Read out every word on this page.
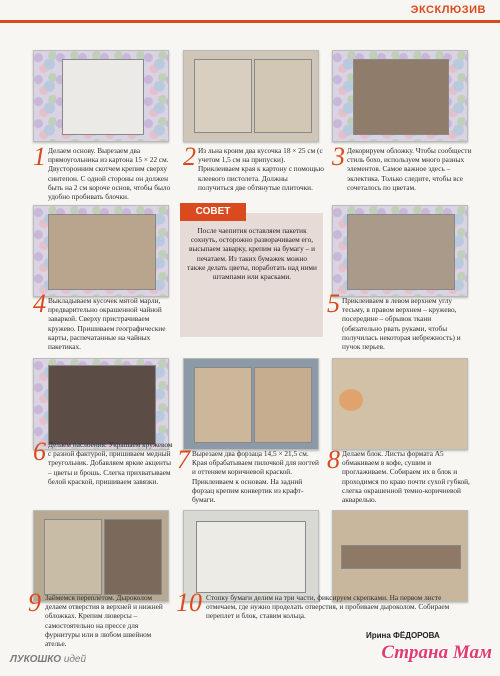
ЭКСКЛЮЗИВ
1 Делаем основу. Вырезаем два прямоугольника из картона 15 × 22 см. Двусторонним скотчем крепим сверху синтепон. С одной стороны он должен быть на 2 см короче основ, чтобы было удобно пробивать блочки.

2 Из льна кроим два кусочка 18 × 25 см (с учетом 1,5 см на припуски). Приклеиваем края к картону с помощью клеевого пистолета. Должны получиться две обтянутые плиточки.

3 Декорируем обложку. Чтобы сообщести стиль бохо, используем много разных элементов. Самое важное здесь – эклектика. Только следите, чтобы все сочеталось по цветам.

СОВЕТ

После чаепития оставляем пакетик сохнуть, осторожно разворачиваем его, высыпаем заварку, крепим на бумагу – и печатаем. Из таких бумажек можно также делать цветы, поработать над ними штампами или красками.

4 Выкладываем кусочек мятой марли, предварительно окрашенной чайной заваркой. Сверху пристрачиваем кружево. Пришиваем географические карты, распечатанные на чайных пакетиках.

5 Приклеиваем в левом верхнем углу тесьму, в правом верхнем – кружево, посередине – обрывок ткани (обязательно рвать руками, чтобы получилась некоторая небрежность) и пучок перьев.

6 Делаем наслоения. Украшаем кружевом с разной фактурой, пришиваем медный треугольник. Добавляем яркие акценты – цветы и брошь. Слегка прихватываем белой краской, пришиваем завязки.

7 Вырезаем два форзаца 14,5 × 21,5 см. Края обрабатываем пилочкой для ногтей и оттеняем коричневой краской. Приклеиваем к основам. На задний форзац крепим конвертик из крафт-бумаги.

8 Делаем блок. Листы формата А5 обмакиваем в кофе, сушим и проглаживаем. Собираем их в блок и проходимся по краю почти сухой губкой, слегка окрашенной темно-коричневой акварелью.

9 Займемся переплетом. Дыроколом делаем отверстия в верхней и нижней обложках. Крепим люверсы – самостоятельно на прессе для фурнитуры или в любом швейном ателье.

10 Стопку бумаги делим на три части, фиксируем скрепками. На первом листе отмечаем, где нужно проделать отверстия, и пробиваем дыроколом. Собираем переплет и блок, ставим кольца.

Ирина ФЁДОРОВА
ЛУКОШКО идей	Страна Мам
